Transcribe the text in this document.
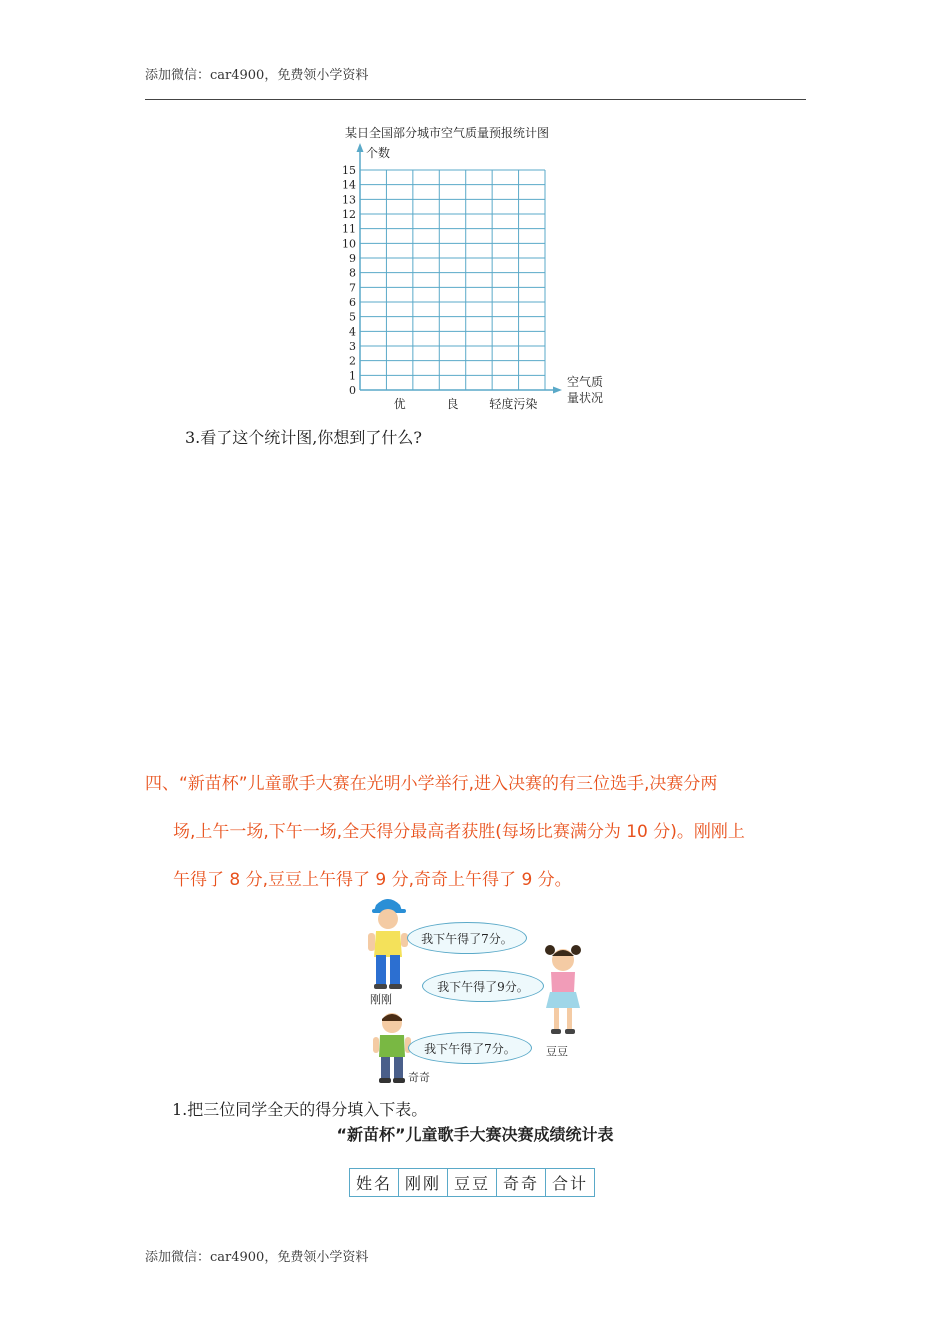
添加微信：car4900，免费领小学资料
某日全国部分城市空气质量预报统计图
0
1
2
3
4
5
6
7
8
9
10
11
12
13
14
15
优	良	轻度污染
个数
空气质
量状况
3.看了这个统计图,你想到了什么?
四、“新苗杯”儿童歌手大赛在光明小学举行,进入决赛的有三位选手,决赛分两
场,上午一场,下午一场,全天得分最高者获胜(每场比赛满分为 10 分)。刚刚上
午得了 8 分,豆豆上午得了 9 分,奇奇上午得了 9 分。
刚刚
豆豆
奇奇
我下午得了7分。
我下午得了9分。
我下午得了7分。
1.把三位同学全天的得分填入下表。
“新苗杯”儿童歌手大赛决赛成绩统计表
姓名	刚刚	豆豆	奇奇	合计
添加微信：car4900，免费领小学资料
